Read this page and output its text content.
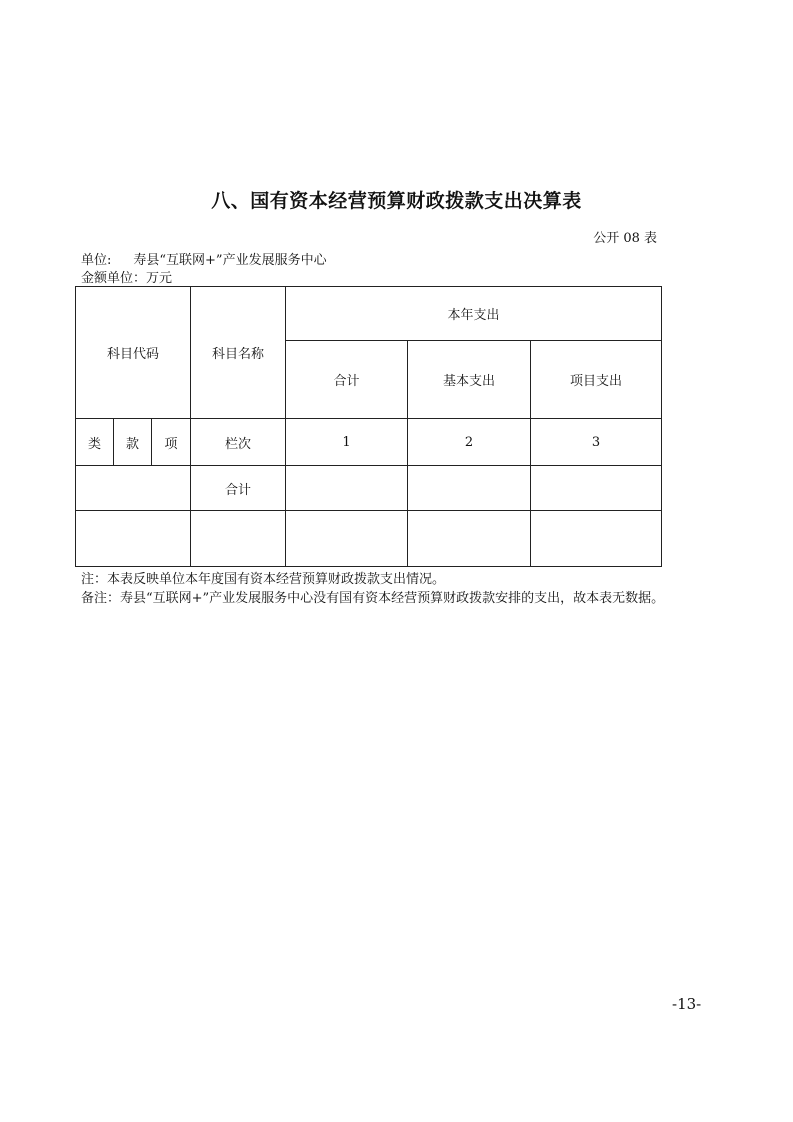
八、国有资本经营预算财政拨款支出决算表
公开 08 表
单位: 寿县“互联网+”产业发展服务中心
金额单位：万元
科目代码			科目名称	本年支出		
				合计	基本支出	项目支出
类	款	项	栏次	1	2	3
			合计			

注：本表反映单位本年度国有资本经营预算财政拨款支出情况。
备注：寿县“互联网+”产业发展服务中心没有国有资本经营预算财政拨款安排的支出，故本表无数据。
-13-
